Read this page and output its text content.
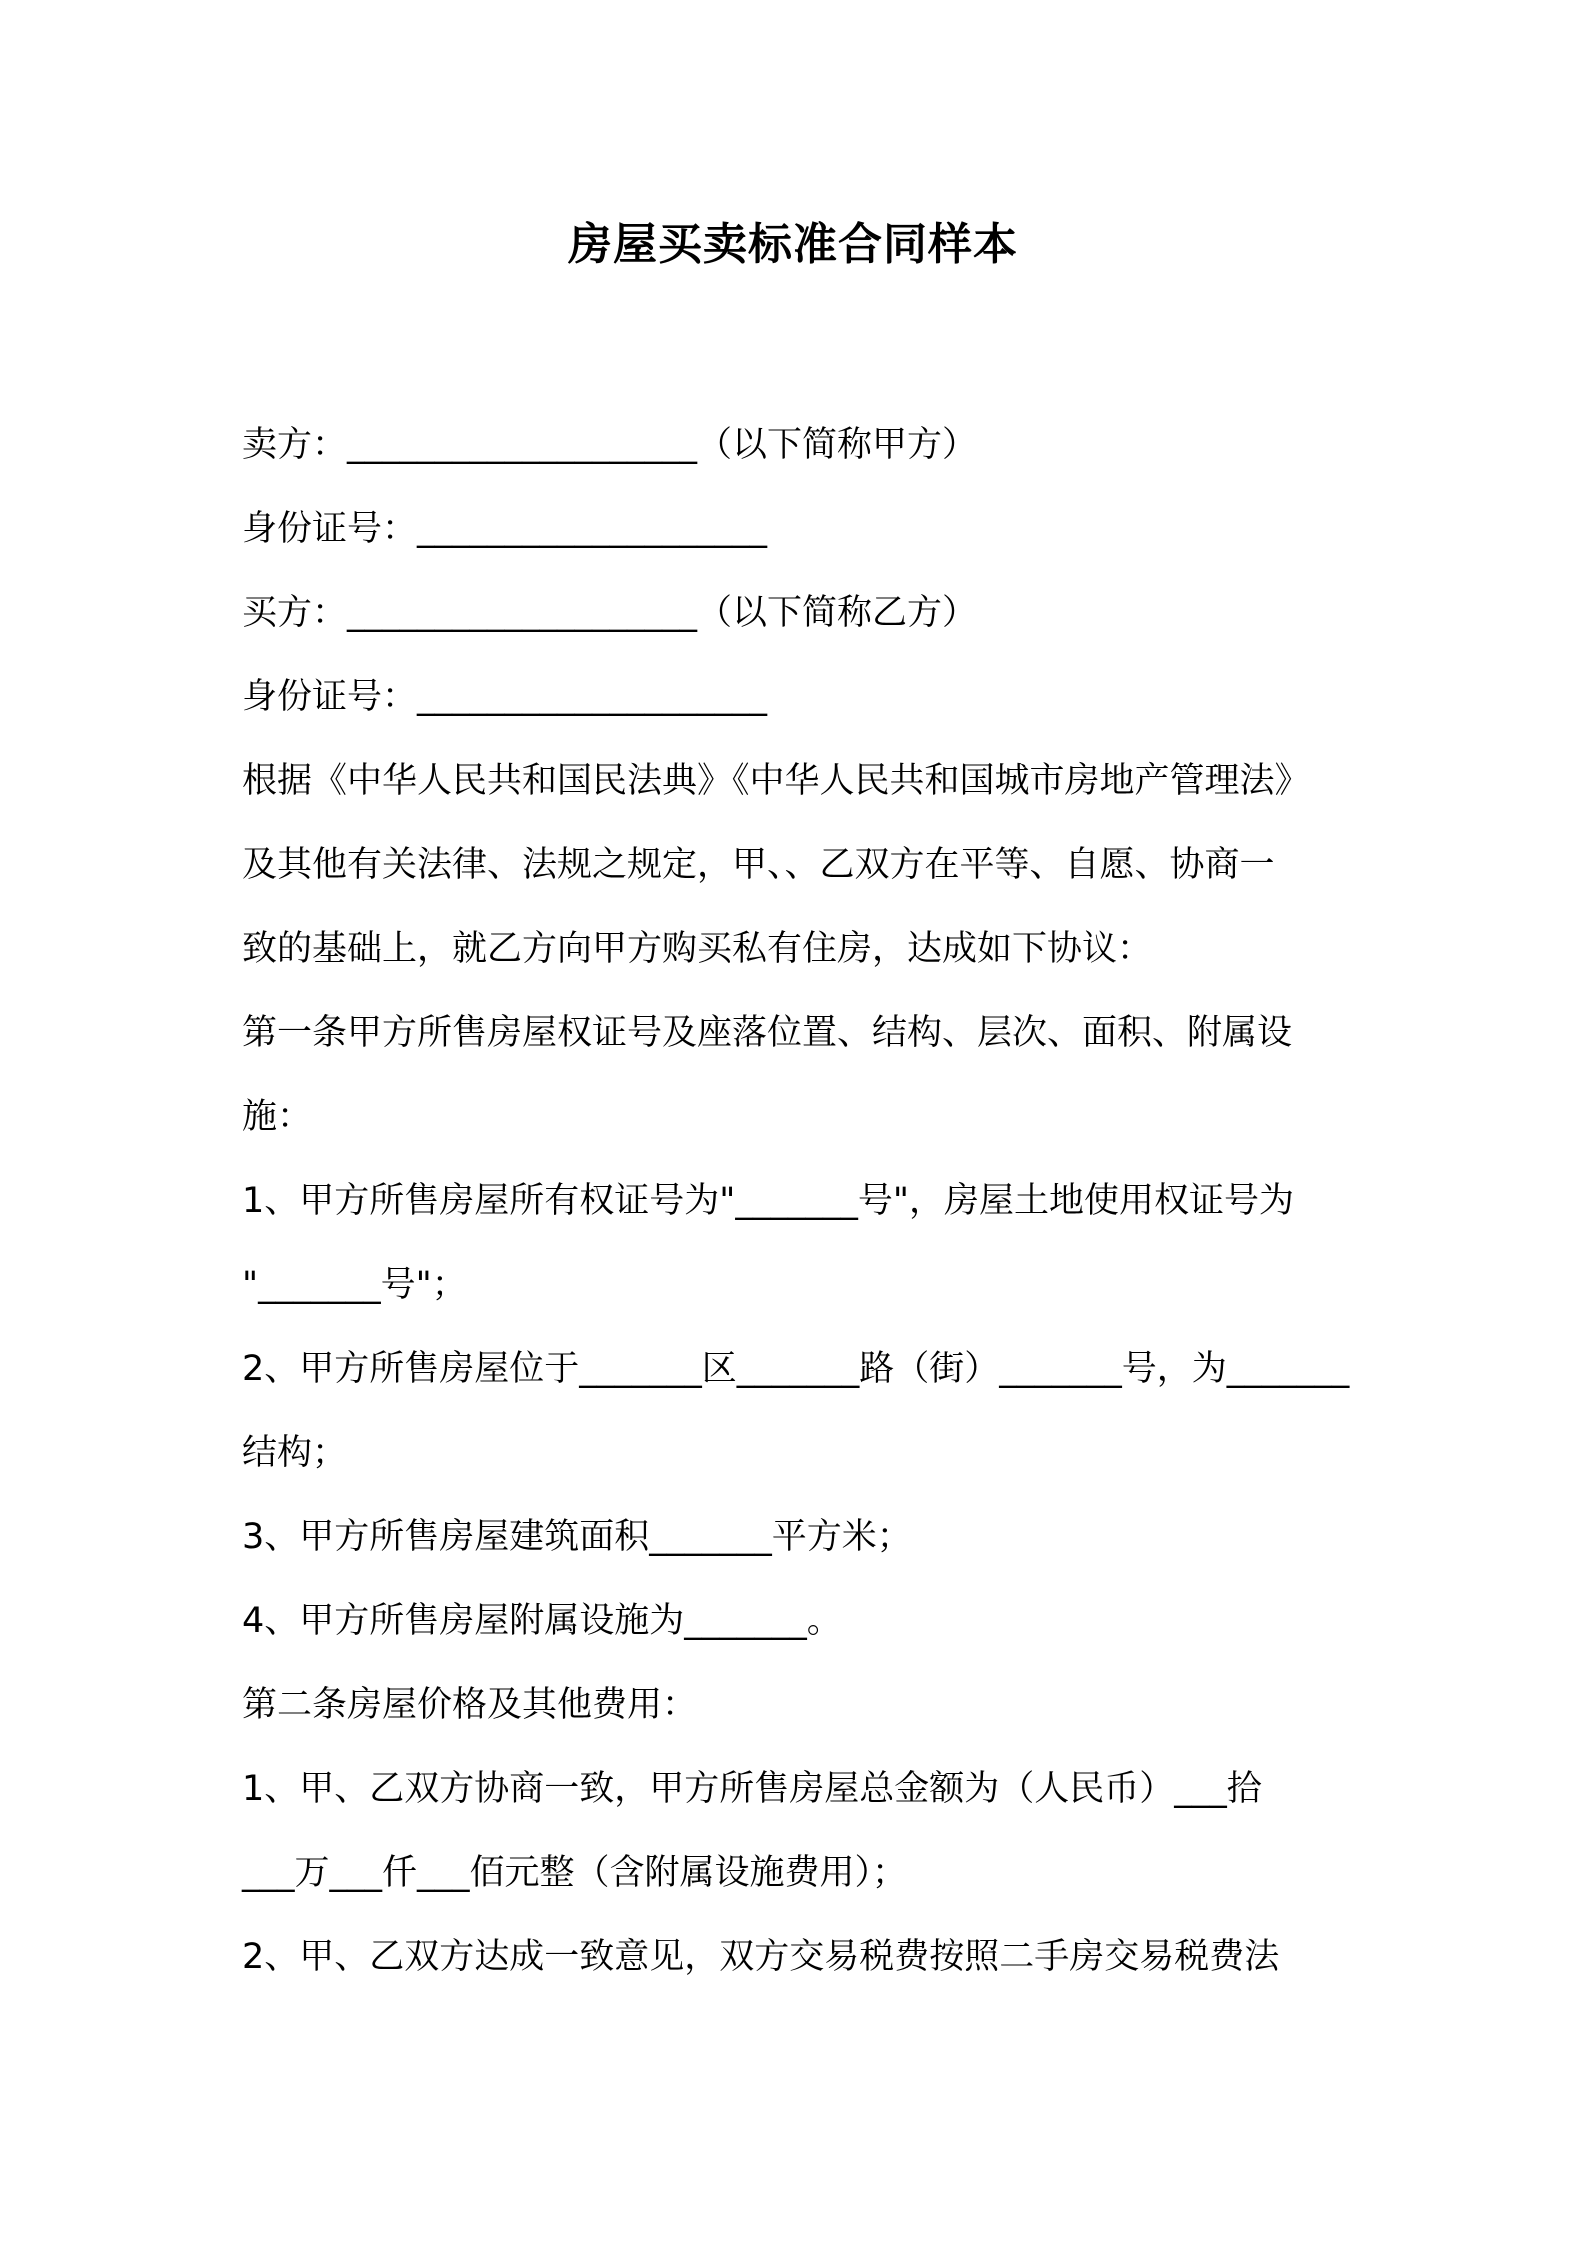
房屋买卖标准合同样本
卖方：____________________（以下简称甲方）
身份证号：____________________
买方：____________________（以下简称乙方）
身份证号：____________________
根据《中华人民共和国民法典》《中华人民共和国城市房地产管理法》
及其他有关法律、法规之规定，甲、、乙双方在平等、自愿、协商一
致的基础上，就乙方向甲方购买私有住房，达成如下协议：
第一条甲方所售房屋权证号及座落位置、结构、层次、面积、附属设
施：
1、甲方所售房屋所有权证号为"_______号"，房屋土地使用权证号为
"_______号"；
2、甲方所售房屋位于_______区_______路（街）_______号，为_______
结构；
3、甲方所售房屋建筑面积_______平方米；
4、甲方所售房屋附属设施为_______。
第二条房屋价格及其他费用：
1、甲、乙双方协商一致，甲方所售房屋总金额为（人民币）___拾
___万___仟___佰元整（含附属设施费用）；
2、甲、乙双方达成一致意见，双方交易税费按照二手房交易税费法
